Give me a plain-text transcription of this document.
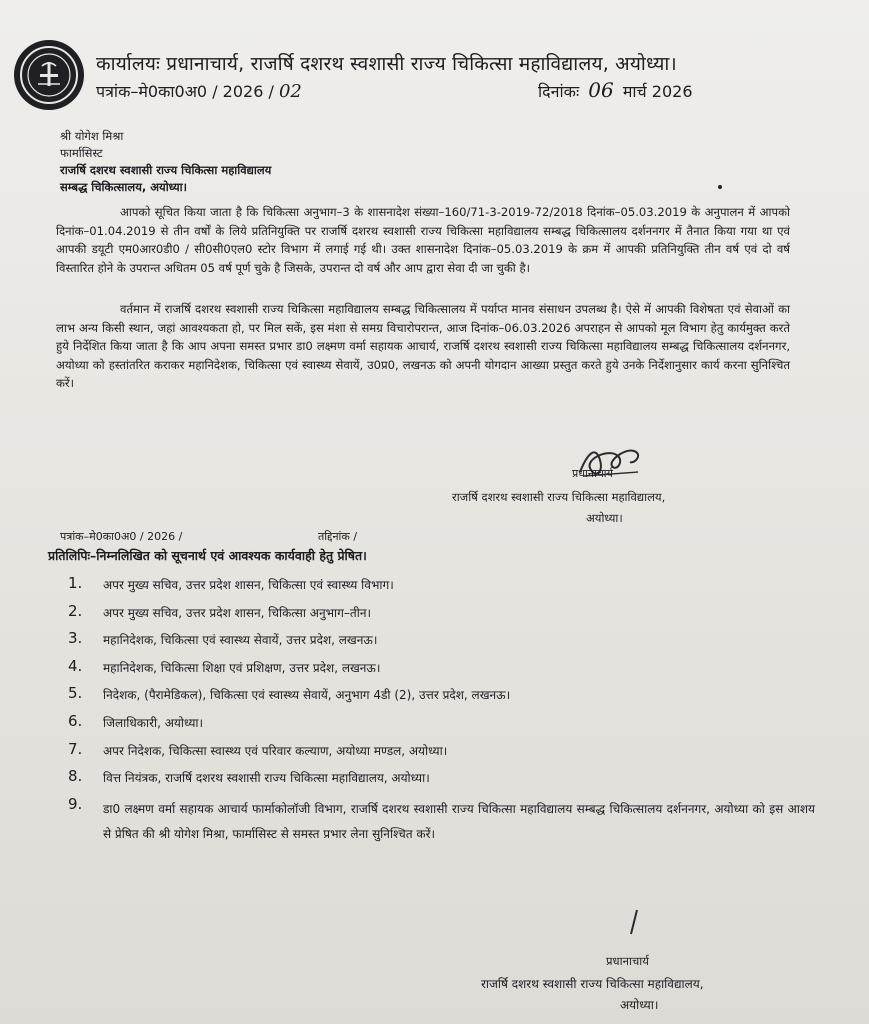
कार्यालयः प्रधानाचार्य, राजर्षि दशरथ स्वशासी राज्य चिकित्सा महाविद्यालय, अयोध्या।
पत्रांक–मे0का0अ0 / 2026 / 02	दिनांकः 06 मार्च 2026
श्री योगेश मिश्रा
फार्मासिस्ट
राजर्षि दशरथ स्वशासी राज्य चिकित्सा महाविद्यालय
सम्बद्ध चिकित्सालय, अयोध्या।
आपको सूचित किया जाता है कि चिकित्सा अनुभाग–3 के शासनादेश संख्या–160/71-3-2019-72/2018 दिनांक–05.03.2019 के अनुपालन में आपको दिनांक–01.04.2019 से तीन वर्षों के लिये प्रतिनियुक्ति पर राजर्षि दशरथ स्वशासी राज्य चिकित्सा महाविद्यालय सम्बद्ध चिकित्सालय दर्शननगर में तैनात किया गया था एवं आपकी डयूटी एम0आर0डी0 / सी0सी0एल0 स्टोर विभाग में लगाई गई थी। उक्त शासनादेश दिनांक–05.03.2019 के क्रम में आपकी प्रतिनियुक्ति तीन वर्ष एवं दो वर्ष विस्तारित होने के उपरान्त अधितम 05 वर्ष पूर्ण चुके है जिसके, उपरान्त दो वर्ष और आप द्वारा सेवा दी जा चुकी है।
वर्तमान में राजर्षि दशरथ स्वशासी राज्य चिकित्सा महाविद्यालय सम्बद्ध चिकित्सालय में पर्याप्त मानव संसाधन उपलब्ध है। ऐसे में आपकी विशेषता एवं सेवाओं का लाभ अन्य किसी स्थान, जहां आवश्यकता हो, पर मिल सकें, इस मंशा से समग्र विचारोपरान्त, आज दिनांक–06.03.2026 अपराहन से आपको मूल विभाग हेतु कार्यमुक्त करते हुये निर्देशित किया जाता है कि आप अपना समस्त प्रभार डा0 लक्ष्मण वर्मा सहायक आचार्य, राजर्षि दशरथ स्वशासी राज्य चिकित्सा महाविद्यालय सम्बद्ध चिकित्सालय दर्शननगर, अयोध्या को हस्तांतरित कराकर महानिदेशक, चिकित्सा एवं स्वास्थ्य सेवायें, उ0प्र0, लखनऊ को अपनी योगदान आख्या प्रस्तुत करते हुये उनके निर्देशानुसार कार्य करना सुनिश्चित करें।
प्रधानाचार्य
राजर्षि दशरथ स्वशासी राज्य चिकित्सा महाविद्यालय,
अयोध्या।
पत्रांक–मे0का0अ0 / 2026 /	तद्दिनांक /
प्रतिलिपिः–निम्नलिखित को सूचनार्थ एवं आवश्यक कार्यवाही हेतु प्रेषित।
1. अपर मुख्य सचिव, उत्तर प्रदेश शासन, चिकित्सा एवं स्वास्थ्य विभाग।
2. अपर मुख्य सचिव, उत्तर प्रदेश शासन, चिकित्सा अनुभाग–तीन।
3. महानिदेशक, चिकित्सा एवं स्वास्थ्य सेवायें, उत्तर प्रदेश, लखनऊ।
4. महानिदेशक, चिकित्सा शिक्षा एवं प्रशिक्षण, उत्तर प्रदेश, लखनऊ।
5. निदेशक, (पैरामेडिकल), चिकित्सा एवं स्वास्थ्य सेवायें, अनुभाग 4डी (2), उत्तर प्रदेश, लखनऊ।
6. जिलाधिकारी, अयोध्या।
7. अपर निदेशक, चिकित्सा स्वास्थ्य एवं परिवार कल्याण, अयोध्या मण्डल, अयोध्या।
8. वित्त नियंत्रक, राजर्षि दशरथ स्वशासी राज्य चिकित्सा महाविद्यालय, अयोध्या।
9. डा0 लक्ष्मण वर्मा सहायक आचार्य फार्माकोलॉजी विभाग, राजर्षि दशरथ स्वशासी राज्य चिकित्सा महाविद्यालय सम्बद्ध चिकित्सालय दर्शननगर, अयोध्या को इस आशय से प्रेषित की श्री योगेश मिश्रा, फार्मासिस्ट से समस्त प्रभार लेना सुनिश्चित करें।
प्रधानाचार्य
राजर्षि दशरथ स्वशासी राज्य चिकित्सा महाविद्यालय,
अयोध्या।
